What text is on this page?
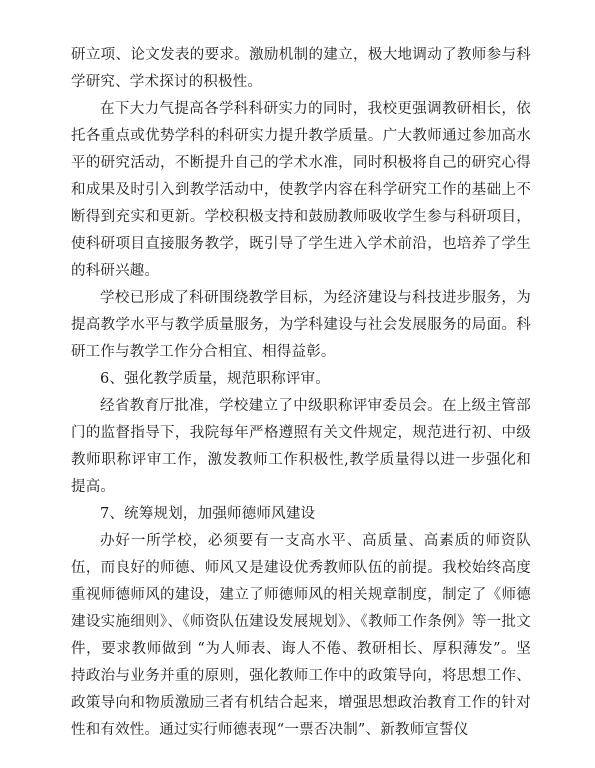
研立项、论文发表的要求。激励机制的建立，极大地调动了教师参与科学研究、学术探讨的积极性。

在下大力气提高各学科科研实力的同时，我校更强调教研相长，依托各重点或优势学科的科研实力提升教学质量。广大教师通过参加高水平的研究活动，不断提升自己的学术水准，同时积极将自己的研究心得和成果及时引入到教学活动中，使教学内容在科学研究工作的基础上不断得到充实和更新。学校积极支持和鼓励教师吸收学生参与科研项目，使科研项目直接服务教学，既引导了学生进入学术前沿，也培养了学生的科研兴趣。

学校已形成了科研围绕教学目标，为经济建设与科技进步服务，为提高教学水平与教学质量服务，为学科建设与社会发展服务的局面。科研工作与教学工作分合相宜、相得益彰。

6、强化教学质量，规范职称评审。

经省教育厅批准，学校建立了中级职称评审委员会。在上级主管部门的监督指导下，我院每年严格遵照有关文件规定，规范进行初、中级教师职称评审工作，激发教师工作积极性,教学质量得以进一步强化和提高。

7、统筹规划，加强师德师风建设

办好一所学校，必须要有一支高水平、高质量、高素质的师资队伍，而良好的师德、师风又是建设优秀教师队伍的前提。我校始终高度重视师德师风的建设，建立了师德师风的相关规章制度，制定了《师德建设实施细则》、《师资队伍建设发展规划》、《教师工作条例》等一批文件，要求教师做到 “为人师表、诲人不倦、教研相长、厚积薄发”。坚持政治与业务并重的原则，强化教师工作中的政策导向，将思想工作、政策导向和物质激励三者有机结合起来，增强思想政治教育工作的针对性和有效性。通过实行师德表现“一票否决制”、新教师宣誓仪
